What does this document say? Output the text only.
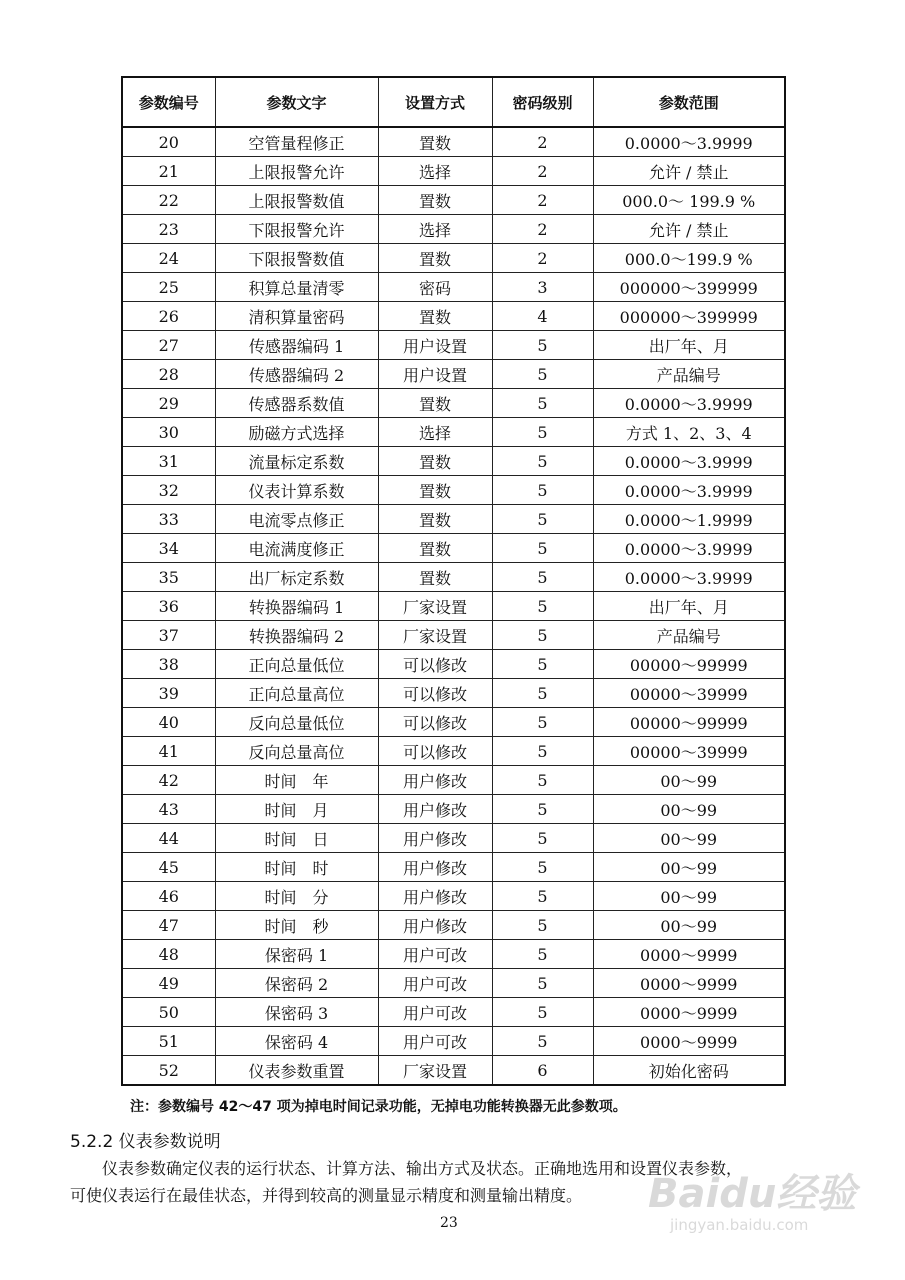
参数编号	参数文字	设置方式	密码级别	参数范围
20	空管量程修正	置数	2	0.0000～3.9999
21	上限报警允许	选择	2	允许 / 禁止
22	上限报警数值	置数	2	000.0～ 199.9 %
23	下限报警允许	选择	2	允许 / 禁止
24	下限报警数值	置数	2	000.0～199.9 %
25	积算总量清零	密码	3	000000～399999
26	清积算量密码	置数	4	000000～399999
27	传感器编码 1	用户设置	5	出厂年、月
28	传感器编码 2	用户设置	5	产品编号
29	传感器系数值	置数	5	0.0000～3.9999
30	励磁方式选择	选择	5	方式 1、2、3、4
31	流量标定系数	置数	5	0.0000～3.9999
32	仪表计算系数	置数	5	0.0000～3.9999
33	电流零点修正	置数	5	0.0000～1.9999
34	电流满度修正	置数	5	0.0000～3.9999
35	出厂标定系数	置数	5	0.0000～3.9999
36	转换器编码 1	厂家设置	5	出厂年、月
37	转换器编码 2	厂家设置	5	产品编号
38	正向总量低位	可以修改	5	00000～99999
39	正向总量高位	可以修改	5	00000～39999
40	反向总量低位	可以修改	5	00000～99999
41	反向总量高位	可以修改	5	00000～39999
42	时间　年	用户修改	5	00～99
43	时间　月	用户修改	5	00～99
44	时间　日	用户修改	5	00～99
45	时间　时	用户修改	5	00～99
46	时间　分	用户修改	5	00～99
47	时间　秒	用户修改	5	00～99
48	保密码 1	用户可改	5	0000～9999
49	保密码 2	用户可改	5	0000～9999
50	保密码 3	用户可改	5	0000～9999
51	保密码 4	用户可改	5	0000～9999
52	仪表参数重置	厂家设置	6	初始化密码
注：参数编号 42～47 项为掉电时间记录功能，无掉电功能转换器无此参数项。
5.2.2 仪表参数说明
仪表参数确定仪表的运行状态、计算方法、输出方式及状态。正确地选用和设置仪表参数，
可使仪表运行在最佳状态，并得到较高的测量显示精度和测量输出精度。
23
Baidu经验
jingyan.baidu.com
